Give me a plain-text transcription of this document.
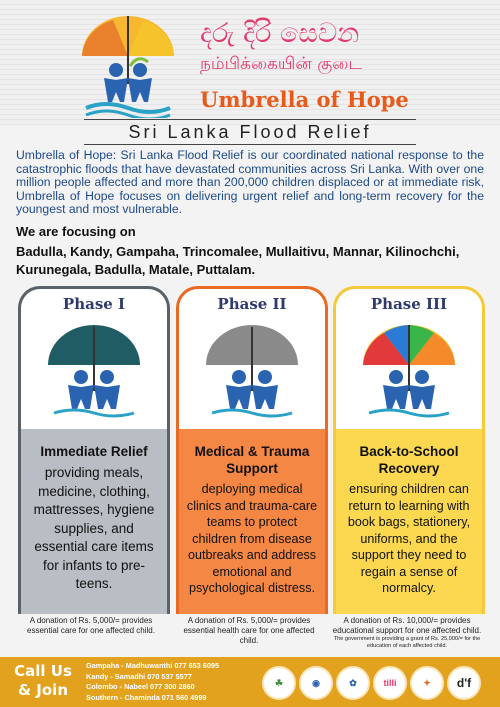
දරු දිරි සෙවන
நம்பிக்கையின் குடை
Umbrella of Hope
Sri Lanka Flood Relief
Umbrella of Hope: Sri Lanka Flood Relief is our coordinated national response to the catastrophic floods that have devastated communities across Sri Lanka. With over one million people affected and more than 200,000 children displaced or at immediate risk, Umbrella of Hope focuses on delivering urgent relief and long-term recovery for the youngest and most vulnerable.
We are focusing on
Badulla, Kandy, Gampaha, Trincomalee, Mullaitivu, Mannar, Kilinochchi, Kurunegala, Badulla, Matale, Puttalam.
Phase I
Immediate Relief
providing meals, medicine, clothing, mattresses, hygiene supplies, and essential care items for infants to pre-teens.
Phase II
Medical & Trauma Support
deploying medical clinics and trauma-care teams to protect children from disease outbreaks and address emotional and psychological distress.
Phase III
Back-to-School Recovery
ensuring children can return to learning with book bags, stationery, uniforms, and the support they need to regain a sense of normalcy.
A donation of Rs. 5,000/= provides essential care for one affected child.
A donation of Rs. 5,000/= provides essential health care for one affected child.
A donation of Rs. 10,000/= provides educational support for one affected child.
The government is providing a grant of Rs. 25,000/= for the education of each affected child.
Call Us
& Join
Gampaha - Madhuwanthi 077 653 6095
Kandy - Samadhi 070 537 5577
Colombo - Nabeel 077 300 2860
Southern - Chaminda 071 560 4999
☘	◉	✿	tilli	✦	d'f
